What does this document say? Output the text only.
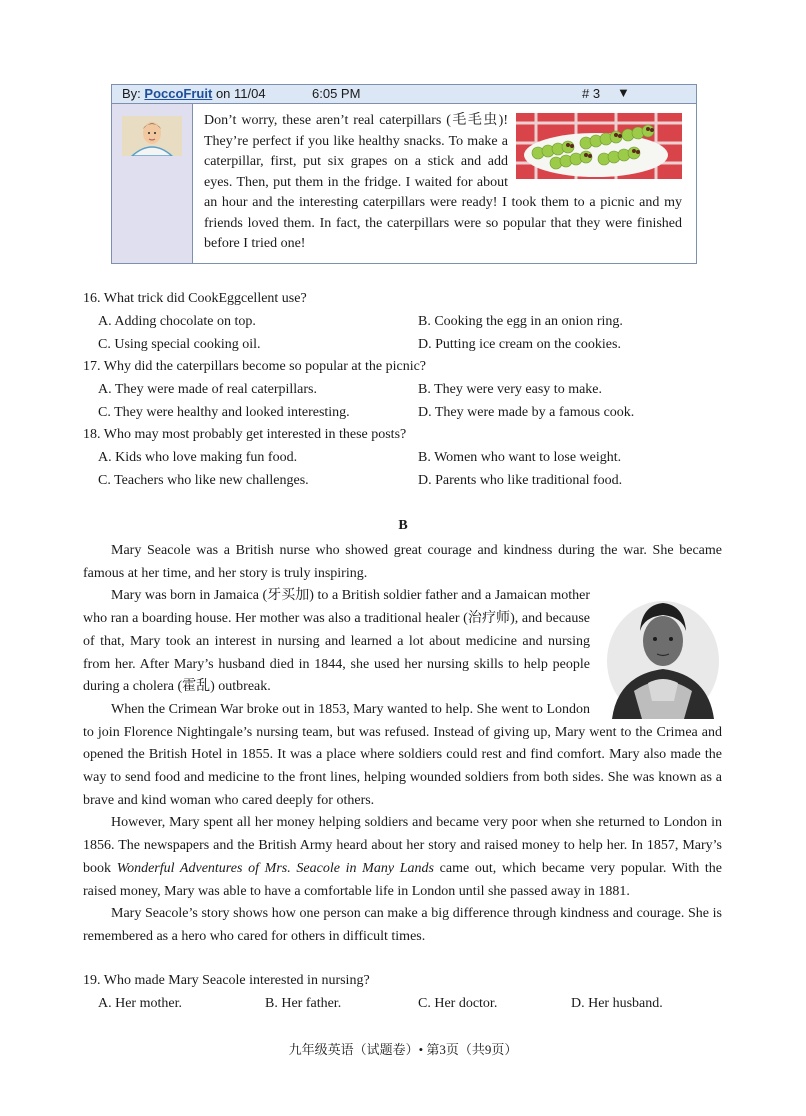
By: PoccoFruit on 11/04	6:05 PM	# 3 ▼

Don’t worry, these aren’t real caterpillars (毛毛虫)! They’re perfect if you like healthy snacks. To make a caterpillar, first, put six grapes on a stick and add eyes. Then, put them in the fridge. I waited for about an hour and the interesting caterpillars were ready! I took them to a picnic and my friends loved them. In fact, the caterpillars were so popular that they were finished before I tried one!

16. What trick did CookEggcellent use?
A. Adding chocolate on top.	B. Cooking the egg in an onion ring.
C. Using special cooking oil.	D. Putting ice cream on the cookies.
17. Why did the caterpillars become so popular at the picnic?
A. They were made of real caterpillars.	B. They were very easy to make.
C. They were healthy and looked interesting.	D. They were made by a famous cook.
18. Who may most probably get interested in these posts?
A. Kids who love making fun food.	B. Women who want to lose weight.
C. Teachers who like new challenges.	D. Parents who like traditional food.
B

Mary Seacole was a British nurse who showed great courage and kindness during the war. She became famous at her time, and her story is truly inspiring.

Mary was born in Jamaica (牙买加) to a British soldier father and a Jamaican mother who ran a boarding house. Her mother was also a traditional healer (治疗师), and because of that, Mary took an interest in nursing and learned a lot about medicine and nursing from her. After Mary’s husband died in 1844, she used her nursing skills to help people during a cholera (霍乱) outbreak.

When the Crimean War broke out in 1853, Mary wanted to help. She went to London to join Florence Nightingale’s nursing team, but was refused. Instead of giving up, Mary went to the Crimea and opened the British Hotel in 1855. It was a place where soldiers could rest and find comfort. Mary also made the way to send food and medicine to the front lines, helping wounded soldiers from both sides. She was known as a brave and kind woman who cared deeply for others.

However, Mary spent all her money helping soldiers and became very poor when she returned to London in 1856. The newspapers and the British Army heard about her story and raised money to help her. In 1857, Mary’s book Wonderful Adventures of Mrs. Seacole in Many Lands came out, which became very popular. With the raised money, Mary was able to have a comfortable life in London until she passed away in 1881.

Mary Seacole’s story shows how one person can make a big difference through kindness and courage. She is remembered as a hero who cared for others in difficult times.

19. Who made Mary Seacole interested in nursing?
A. Her mother.	B. Her father.	C. Her doctor.	D. Her husband.
九年级英语（试题卷）• 第3页（共9页）
